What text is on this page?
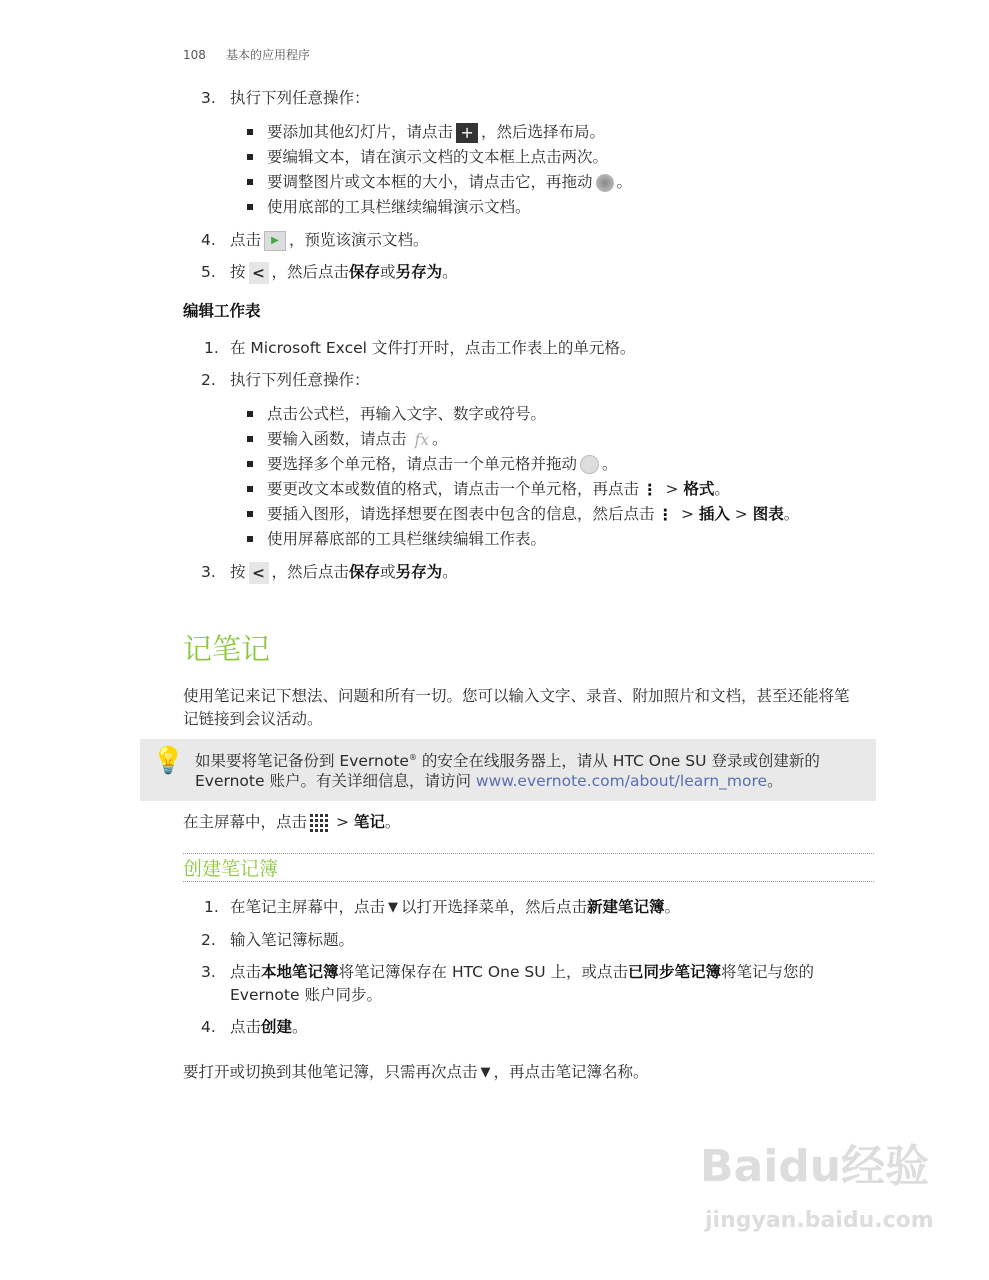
108 基本的应用程序
3. 执行下列任意操作：
要添加其他幻灯片，请点击 + ，然后选择布局。
要编辑文本，请在演示文档的文本框上点击两次。
要调整图片或文本框的大小，请点击它，再拖动 。
使用底部的工具栏继续编辑演示文档。
4. 点击 ▶ ，预览该演示文档。
5. 按 < ，然后点击保存或另存为。
编辑工作表
1. 在 Microsoft Excel 文件打开时，点击工作表上的单元格。
2. 执行下列任意操作：
点击公式栏，再输入文字、数字或符号。
要输入函数，请点击 fx 。
要选择多个单元格，请点击一个单元格并拖动 。
要更改文本或数值的格式，请点击一个单元格，再点击 ⋮ > 格式。
要插入图形，请选择想要在图表中包含的信息，然后点击 ⋮ > 插入 > 图表。
使用屏幕底部的工具栏继续编辑工作表。
3. 按 < ，然后点击保存或另存为。
记笔记
使用笔记来记下想法、问题和所有一切。您可以输入文字、录音、附加照片和文档，甚至还能将笔
记链接到会议活动。
💡 如果要将笔记备份到 Evernote® 的安全在线服务器上，请从 HTC One SU 登录或创建新的
Evernote 账户。有关详细信息，请访问 www.evernote.com/about/learn_more。
在主屏幕中，点击 > 笔记。
创建笔记簿
1. 在笔记主屏幕中，点击 ▼ 以打开选择菜单，然后点击新建笔记簿。
2. 输入笔记簿标题。
3. 点击本地笔记簿将笔记簿保存在 HTC One SU 上，或点击已同步笔记簿将笔记与您的
Evernote 账户同步。
4. 点击创建。
要打开或切换到其他笔记簿，只需再次点击 ▼ ，再点击笔记簿名称。
Baidu经验
jingyan.baidu.com
